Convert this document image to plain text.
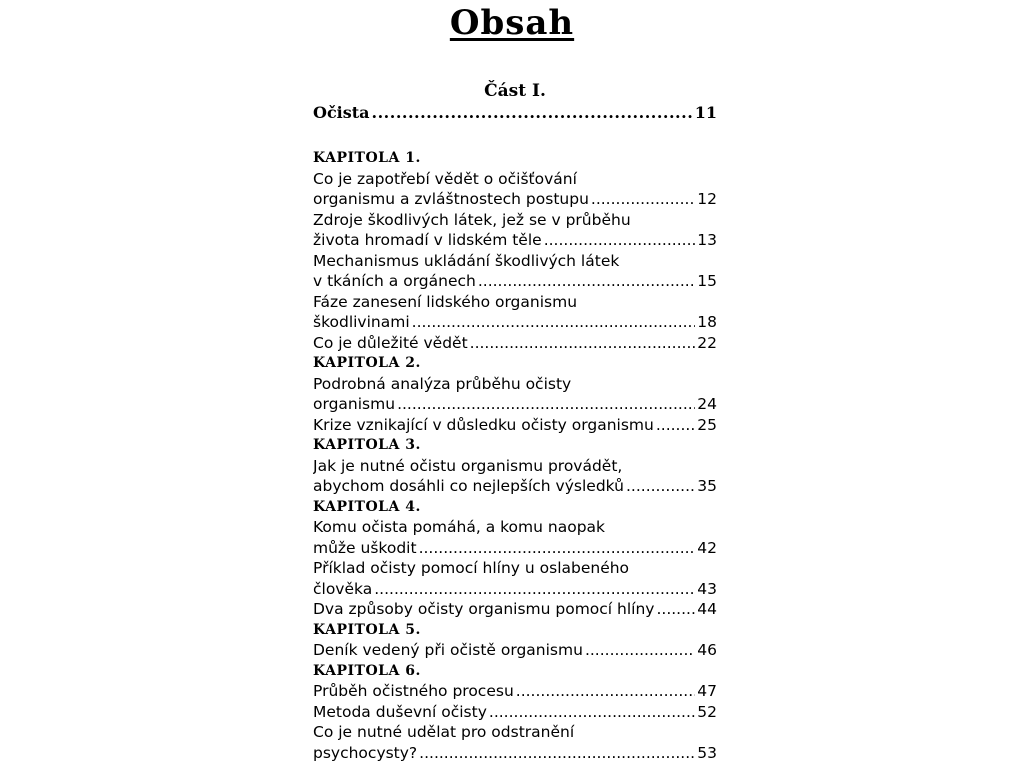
Obsah
Část I.
Očista .....	11
KAPITOLA 1.
Co je zapotřebí vědět o očišťování
organismu a zvláštnostech postupu .....	12
Zdroje škodlivých látek, jež se v průběhu
života hromadí v lidském těle .....	13
Mechanismus ukládání škodlivých látek
v tkáních a orgánech .....	15
Fáze zanesení lidského organismu
škodlivinami .....	18
Co je důležité vědět .....	22
KAPITOLA 2.
Podrobná analýza průběhu očisty
organismu .....	24
Krize vznikající v důsledku očisty organismu .....	25
KAPITOLA 3.
Jak je nutné očistu organismu provádět,
abychom dosáhli co nejlepších výsledků .....	35
KAPITOLA 4.
Komu očista pomáhá, a komu naopak
může uškodit .....	42
Příklad očisty pomocí hlíny u oslabeného
člověka .....	43
Dva způsoby očisty organismu pomocí hlíny .....	44
KAPITOLA 5.
Deník vedený při očistě organismu .....	46
KAPITOLA 6.
Průběh očistného procesu .....	47
Metoda duševní očisty .....	52
Co je nutné udělat pro odstranění
psychocysty? .....	53
